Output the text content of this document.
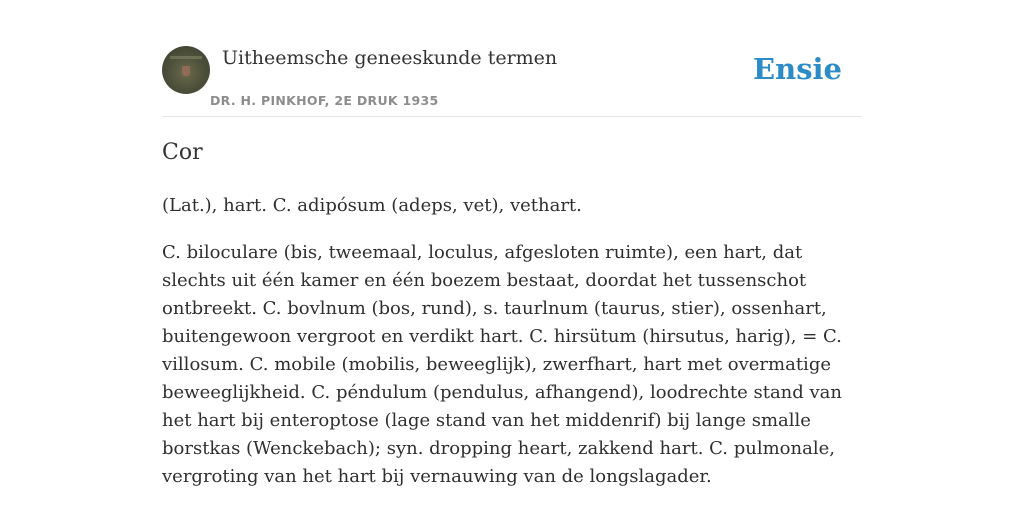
Uitheemsche geneeskunde termen
DR. H. PINKHOF, 2E DRUK 1935
Ensie
Cor

(Lat.), hart. C. adipósum (adeps, vet), vethart.

C. biloculare (bis, tweemaal, loculus, afgesloten ruimte), een hart, dat slechts uit één kamer en één boezem bestaat, doordat het tussenschot ontbreekt. C. bovlnum (bos, rund), s. taurlnum (taurus, stier), ossenhart, buitengewoon vergroot en verdikt hart. C. hirsütum (hirsutus, harig), = C. villosum. C. mobile (mobilis, beweeglijk), zwerfhart, hart met overmatige beweeglijkheid. C. péndulum (pendulus, afhangend), loodrechte stand van het hart bij enteroptose (lage stand van het middenrif) bij lange smalle borstkas (Wenckebach); syn. dropping heart, zakkend hart. C. pulmonale, vergroting van het hart bij vernauwing van de longslagader.
